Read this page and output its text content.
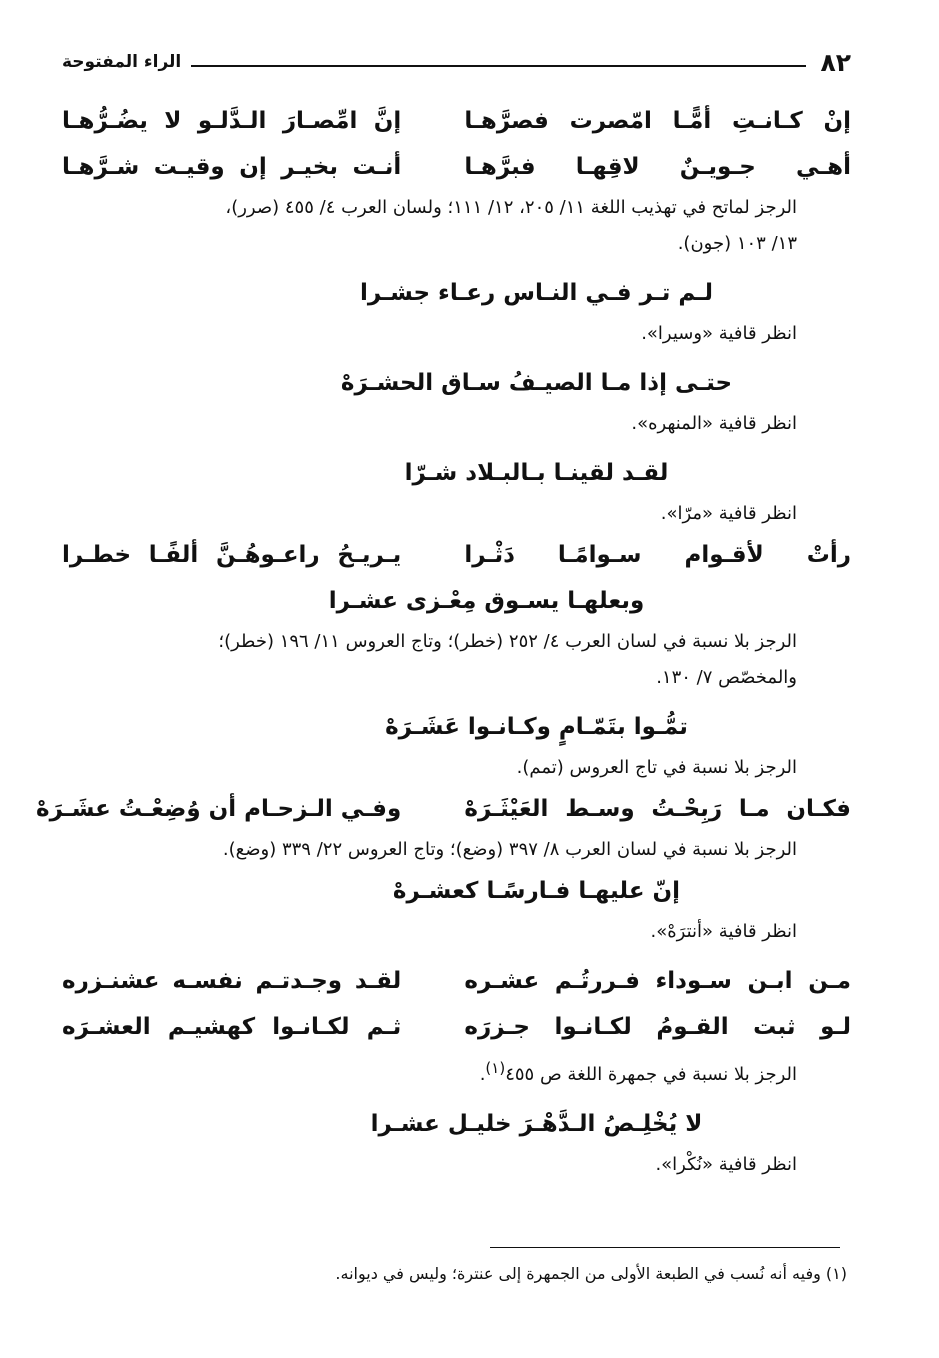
٨٢
الراء المفتوحة
إنْ كـانـتِ أمًّـا امّصرت فصرَّهـا
إنَّ امِّصـارَ الـدَّلـو لا يضُـرُّهـا
أهـي جـويـنٌ لاقِهـا فبرَّهـا
أنـت بخيـر إن وقيـت شـرَّهـا
الرجز لماتح في تهذيب اللغة ١١/ ٢٠٥، ١٢/ ١١١؛ ولسان العرب ٤/ ٤٥٥ (صرر)،
١٣/ ١٠٣ (جون).
لـم تـر فـي النـاس رعـاء جشـرا
انظر قافية «وسيرا».
حتـى إذا مـا الصيـفُ سـاق الحشـرَهْ
انظر قافية «المنهره».
لقـد لقينـا بـالبـلاد شـرّا
انظر قافية «مرّا».
رأتْ لأقـوام سـوامًـا دَثْـرا
يـريـحُ راعـوهُـنَّ ألفًـا خطـرا
وبعلهـا يسـوق مِعْـزى عشـرا
الرجز بلا نسبة في لسان العرب ٤/ ٢٥٢ (خطر)؛ وتاج العروس ١١/ ١٩٦ (خطر)؛
والمخصّص ٧/ ١٣٠.
تمُّـوا بتَمّـامٍ وكـانـوا عَشَـرَهْ
الرجز بلا نسبة في تاج العروس (تمم).
فكـان مـا رَبِحْـتُ وسـط العَيْثَـرَهْ
وفـي الـزحـام أن وُضِعْـتُ عشَـرَهْ
الرجز بلا نسبة في لسان العرب ٨/ ٣٩٧ (وضع)؛ وتاج العروس ٢٢/ ٣٣٩ (وضع).
إنّ عليهـا فـارسًـا كعشـرهْ
انظر قافية «أنترَهْ».
مـن ابـن سـوداء فـررتُـم عشـره
لقـد وجـدتـم نفسـه عشنـزره
لـو ثبت القـومُ لكـانـوا جـزرَه
ثـم لكـانـوا كهشيـم العشـرَه
الرجز بلا نسبة في جمهرة اللغة ص ٤٥٥$^{(١)}$.
لا يُخْلِـصُ الـدَّهْـرَ خليـل عشـرا
انظر قافية «نُكْرا».
(١) وفيه أنه نُسب في الطبعة الأولى من الجمهرة إلى عنترة؛ وليس في ديوانه.
